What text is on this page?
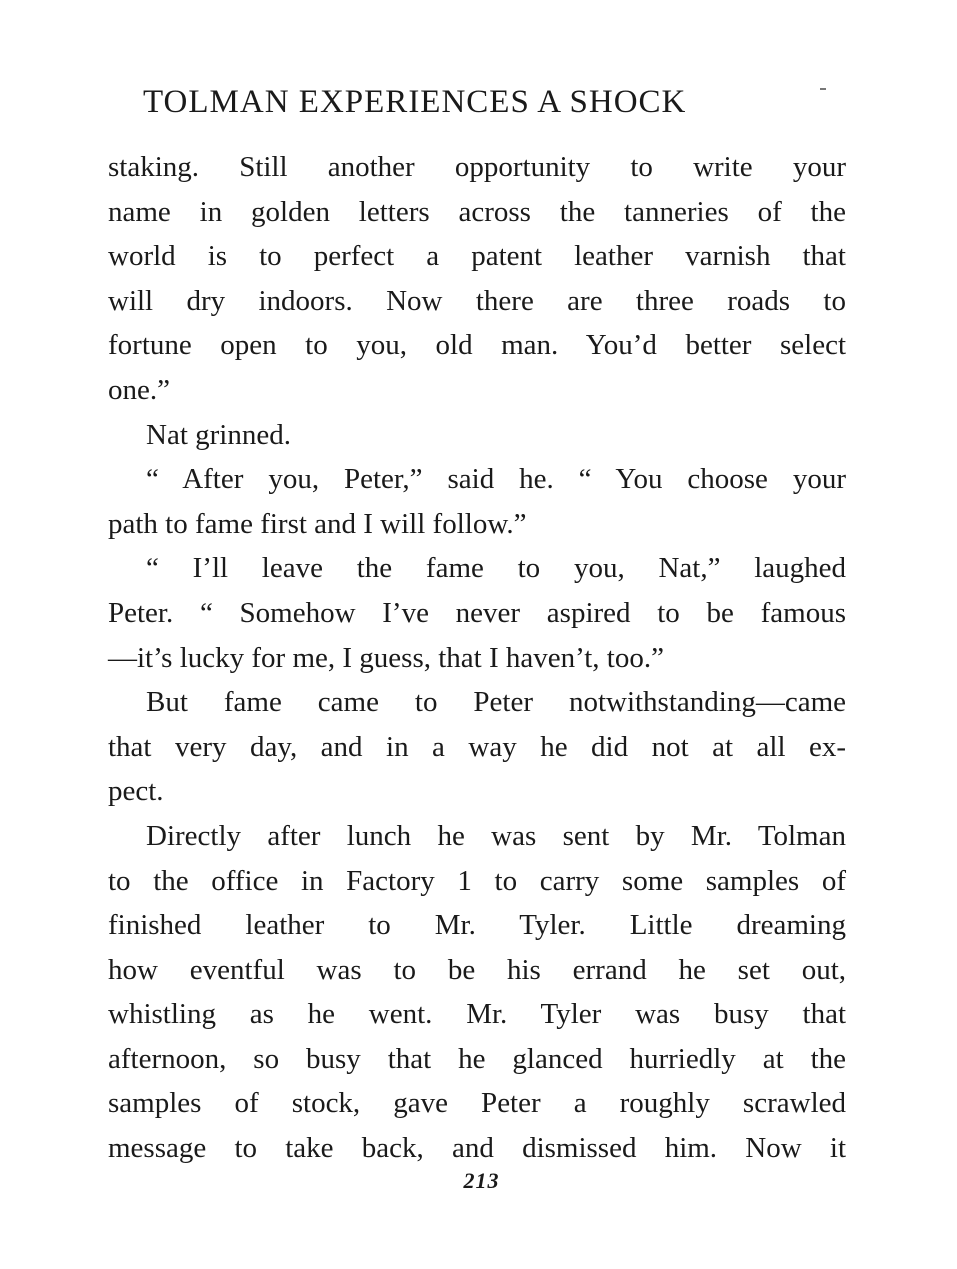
TOLMAN EXPERIENCES A SHOCK
staking. Still another opportunity to write your
name in golden letters across the tanneries of the
world is to perfect a patent leather varnish that
will dry indoors. Now there are three roads to
fortune open to you, old man. You’d better select
one.”
Nat grinned.
“ After you, Peter,” said he. “ You choose your
path to fame first and I will follow.”
“ I’ll leave the fame to you, Nat,” laughed
Peter. “ Somehow I’ve never aspired to be famous
—it’s lucky for me, I guess, that I haven’t, too.”
But fame came to Peter notwithstanding—came
that very day, and in a way he did not at all ex-
pect.
Directly after lunch he was sent by Mr. Tolman
to the office in Factory 1 to carry some samples of
finished leather to Mr. Tyler. Little dreaming
how eventful was to be his errand he set out,
whistling as he went. Mr. Tyler was busy that
afternoon, so busy that he glanced hurriedly at the
samples of stock, gave Peter a roughly scrawled
message to take back, and dismissed him. Now it
213
